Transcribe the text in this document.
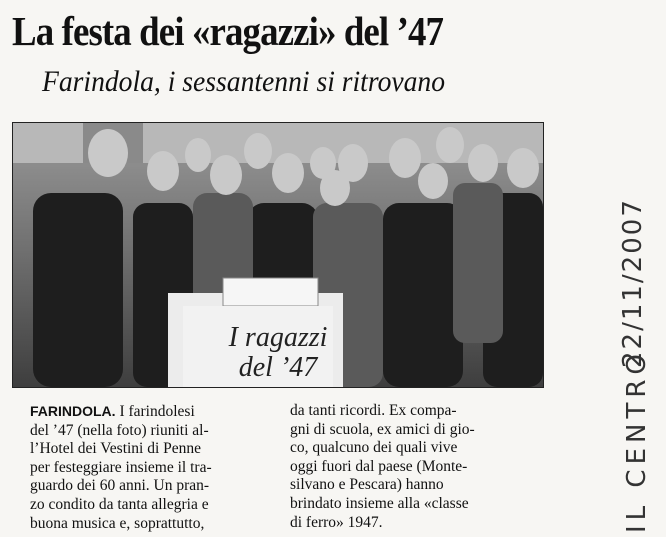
La festa dei «ragazzi» del ’47
Farindola, i sessantenni si ritrovano
I ragazzi
del ’47
FARINDOLA. I farindolesi
del ’47 (nella foto) riuniti al-
l’Hotel dei Vestini di Penne
per festeggiare insieme il tra-
guardo dei 60 anni. Un pran-
zo condito da tanta allegria e
buona musica e, soprattutto,
da tanti ricordi. Ex compa-
gni di scuola, ex amici di gio-
co, qualcuno dei quali vive
oggi fuori dal paese (Monte-
silvano e Pescara) hanno
brindato insieme alla «classe
di ferro» 1947.
22/11/2007
IL CENTRO
